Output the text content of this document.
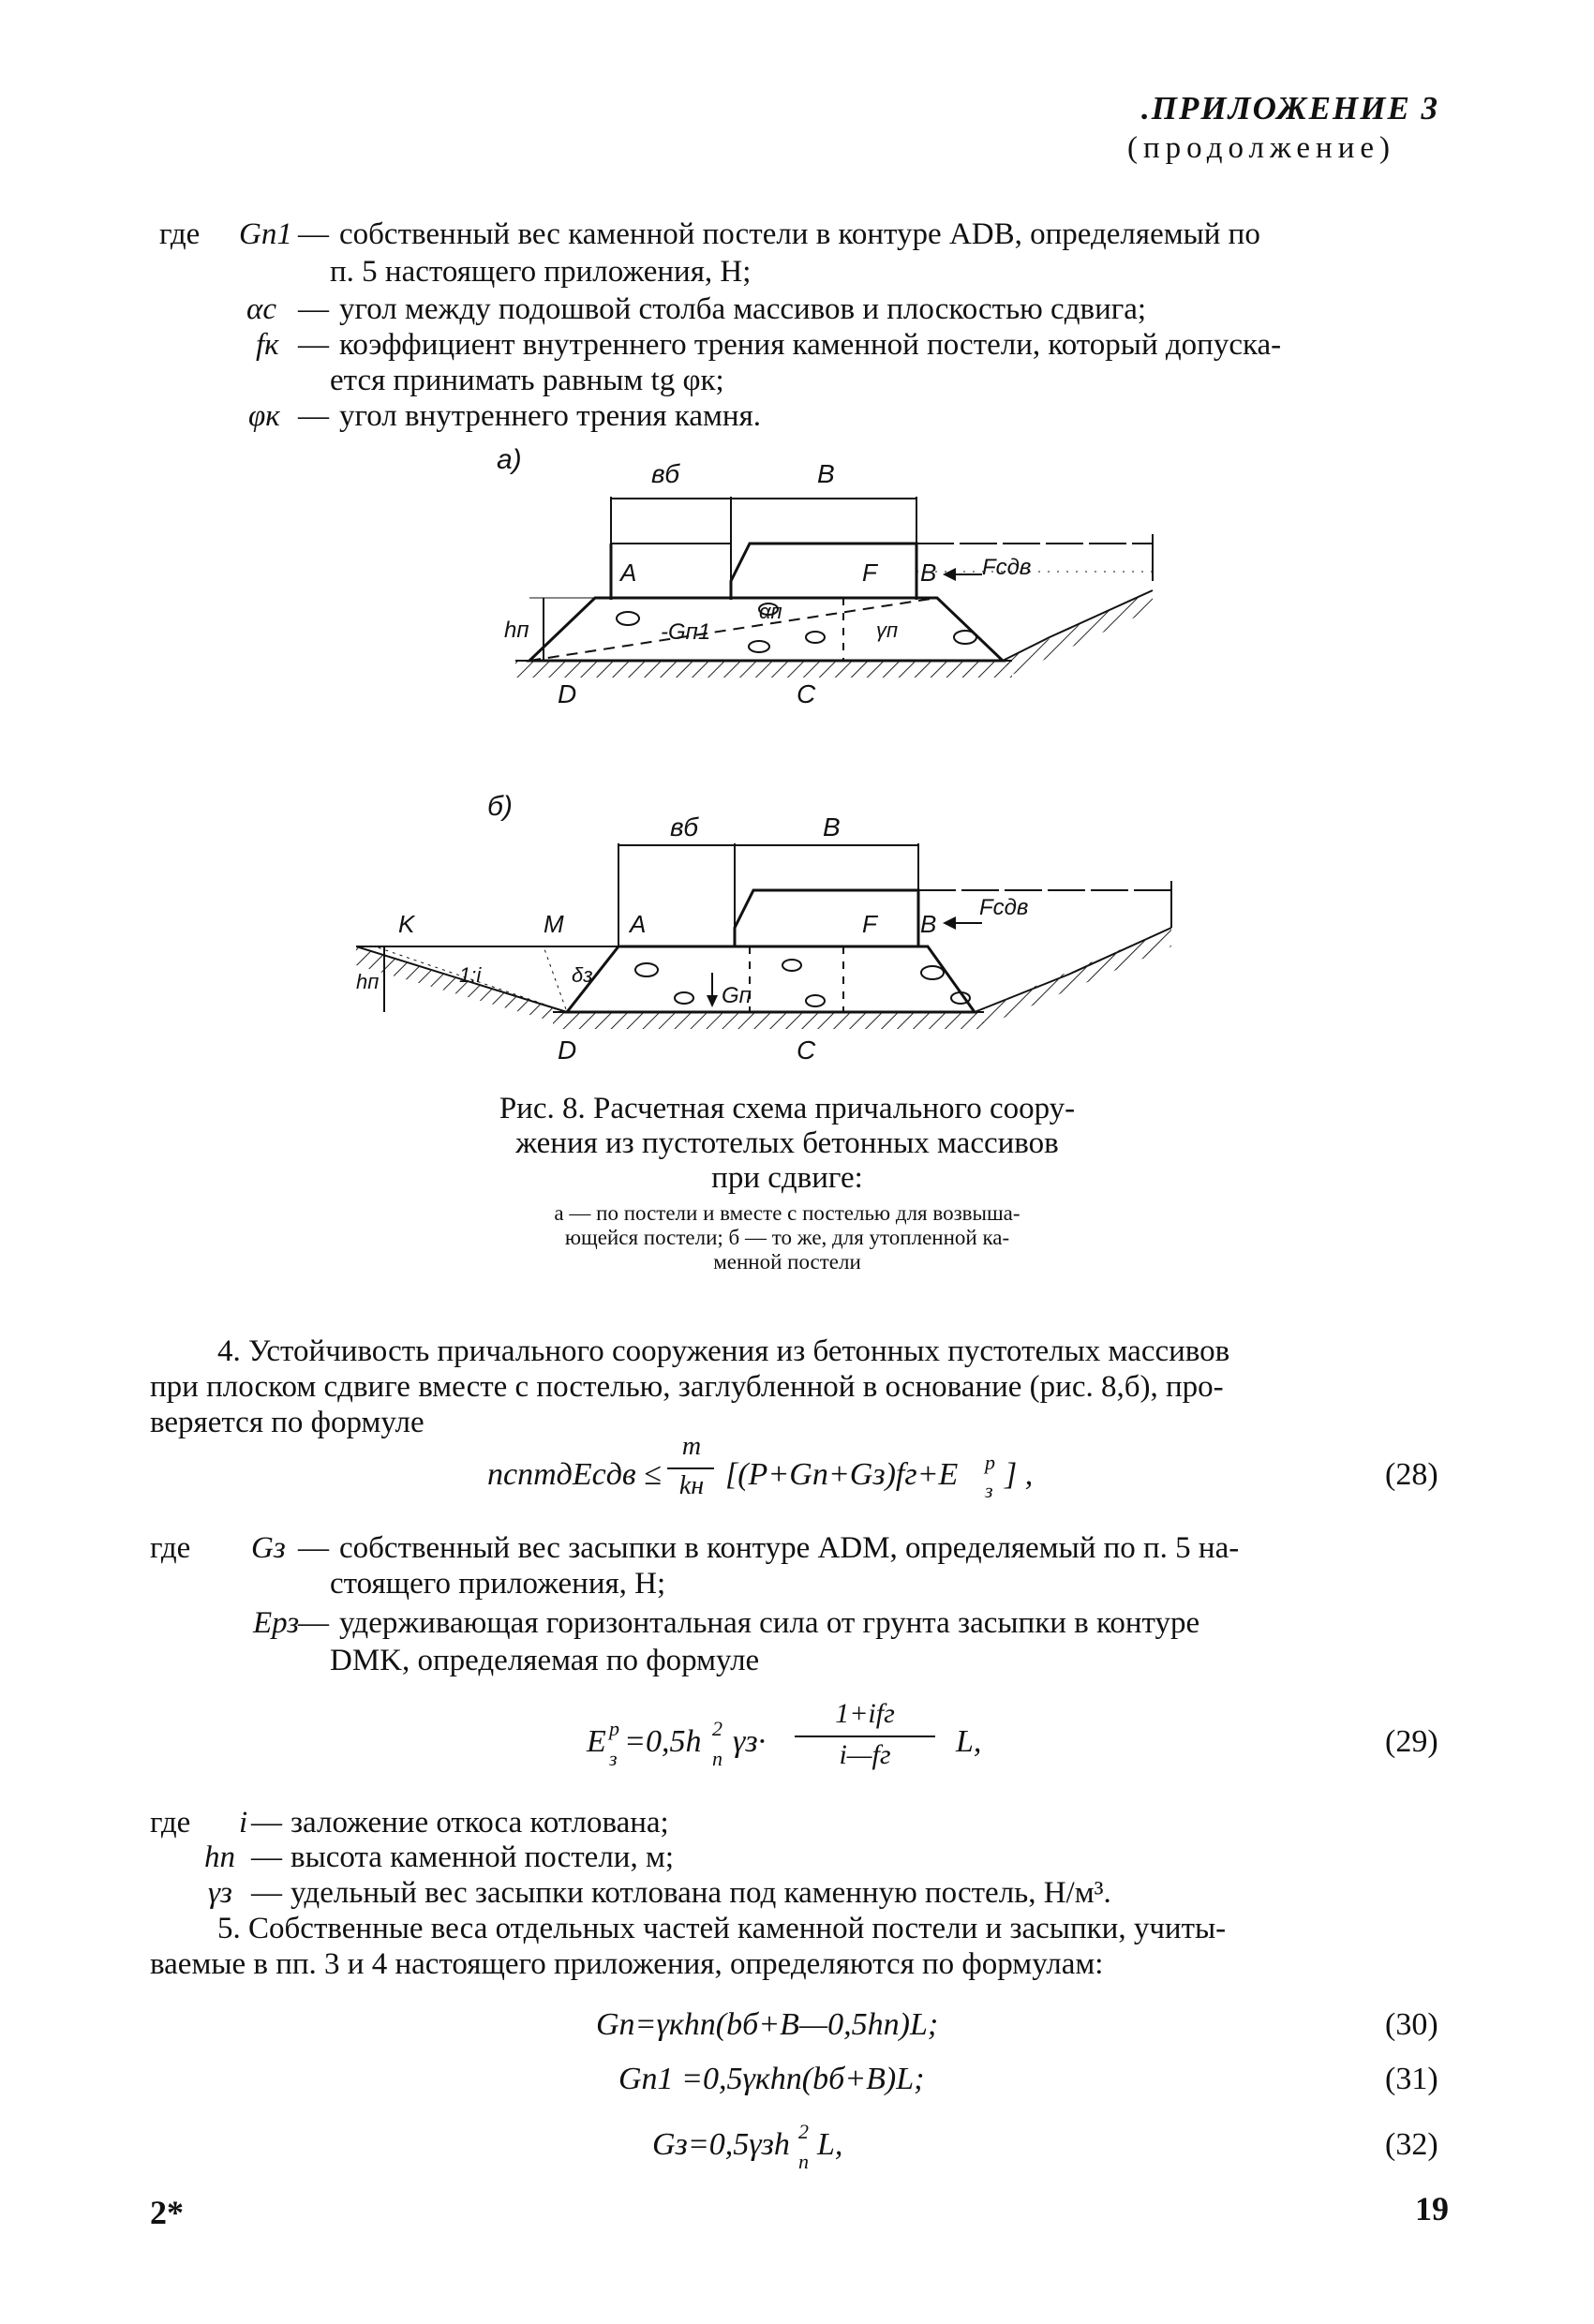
.ПРИЛОЖЕНИЕ 3
(продолжение)
где Gп1 — собственный вес каменной постели в контуре ADB, определяемый по
п. 5 настоящего приложения, Н;
αс — угол между подошвой столба массивов и плоскостью сдвига;
fк — коэффициент внутреннего трения каменной постели, который допуска-
ется принимать равным tg φк;
φк — угол внутреннего трения камня.
а)	вб	В
hп
A	F B Fсдв
-Gп1
αп
γп
D	C
б)
вб	В
hп
K	M	A	F B
Fсдв
1:i	δз
Gп
D	C
Рис. 8. Расчетная схема причального соору-
жения из пустотелых бетонных массивов
при сдвиге:
а — по постели и вместе с постелью для возвыша-
ющейся постели; б — то же, для утопленной ка-
менной постели
4. Устойчивость причального сооружения из бетонных пустотелых массивов
при плоском сдвиге вместе с постелью, заглубленной в основание (рис. 8,б), про-
веряется по формуле
nсnmдEсдв ≤
m
kн [(P+Gп+Gз)fг+E р
з ] ,	(28)
где Gз — собственный вес засыпки в контуре ADM, определяемый по п. 5 на-
стоящего приложения, Н;
Eрз
— удерживающая горизонтальная сила от грунта засыпки в контуре
DMK, определяемая по формуле
E р
з =0,5h 2
п γз·
1+ifг
i—fг	L,	(29)
где i — заложение откоса котлована;
hп — высота каменной постели, м;
γз — удельный вес засыпки котлована под каменную постель, Н/м³.
5. Собственные веса отдельных частей каменной постели и засыпки, учиты-
ваемые в пп. 3 и 4 настоящего приложения, определяются по формулам:
Gп=γкhп(bб+B—0,5hп)L;	(30)
Gп1 =0,5γкhп(bб+B)L;	(31)
Gз=0,5γзh 2
п L,	(32)
2*	19
